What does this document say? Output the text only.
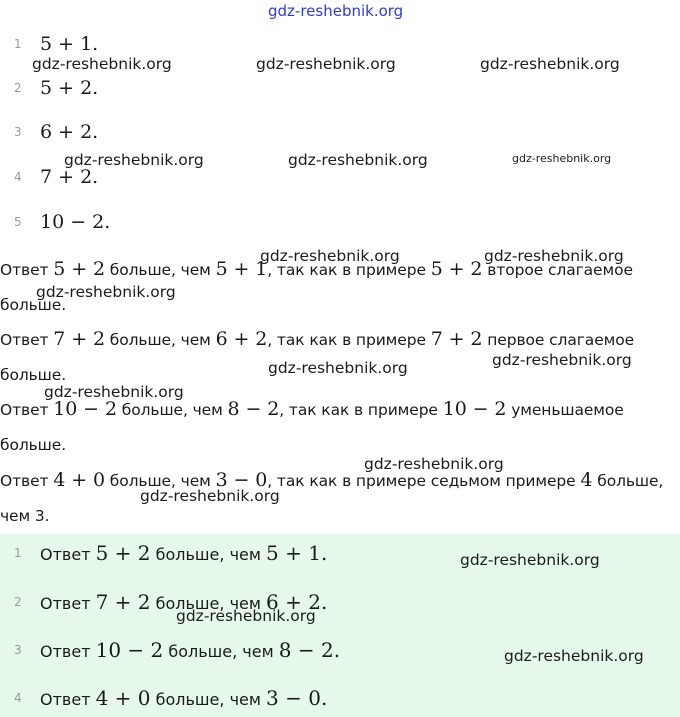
gdz-reshebnik.org
1 5 + 1.
2 5 + 2.
3 6 + 2.
4 7 + 2.
5 10 − 2.
Ответ 5 + 2 больше, чем 5 + 1, так как в примере 5 + 2 второе слагаемое больше.
Ответ 7 + 2 больше, чем 6 + 2, так как в примере 7 + 2 первое слагаемое больше.
Ответ 10 − 2 больше, чем 8 − 2, так как в примере 10 − 2 уменьшаемое больше.
Ответ 4 + 0 больше, чем 3 − 0, так как в примере седьмом примере 4 больше, чем 3.
1	Ответ 5 + 2 больше, чем 5 + 1.
2	Ответ 7 + 2 больше, чем 6 + 2.
3	Ответ 10 − 2 больше, чем 8 − 2.
4	Ответ 4 + 0 больше, чем 3 − 0.
gdz-reshebnik.org	gdz-reshebnik.org	gdz-reshebnik.org
gdz-reshebnik.org	gdz-reshebnik.org	gdz-reshebnik.org
gdz-reshebnik.org	gdz-reshebnik.org
gdz-reshebnik.org
gdz-reshebnik.org
gdz-reshebnik.org
gdz-reshebnik.org
gdz-reshebnik.org
gdz-reshebnik.org
gdz-reshebnik.org
gdz-reshebnik.org
gdz-reshebnik.org
